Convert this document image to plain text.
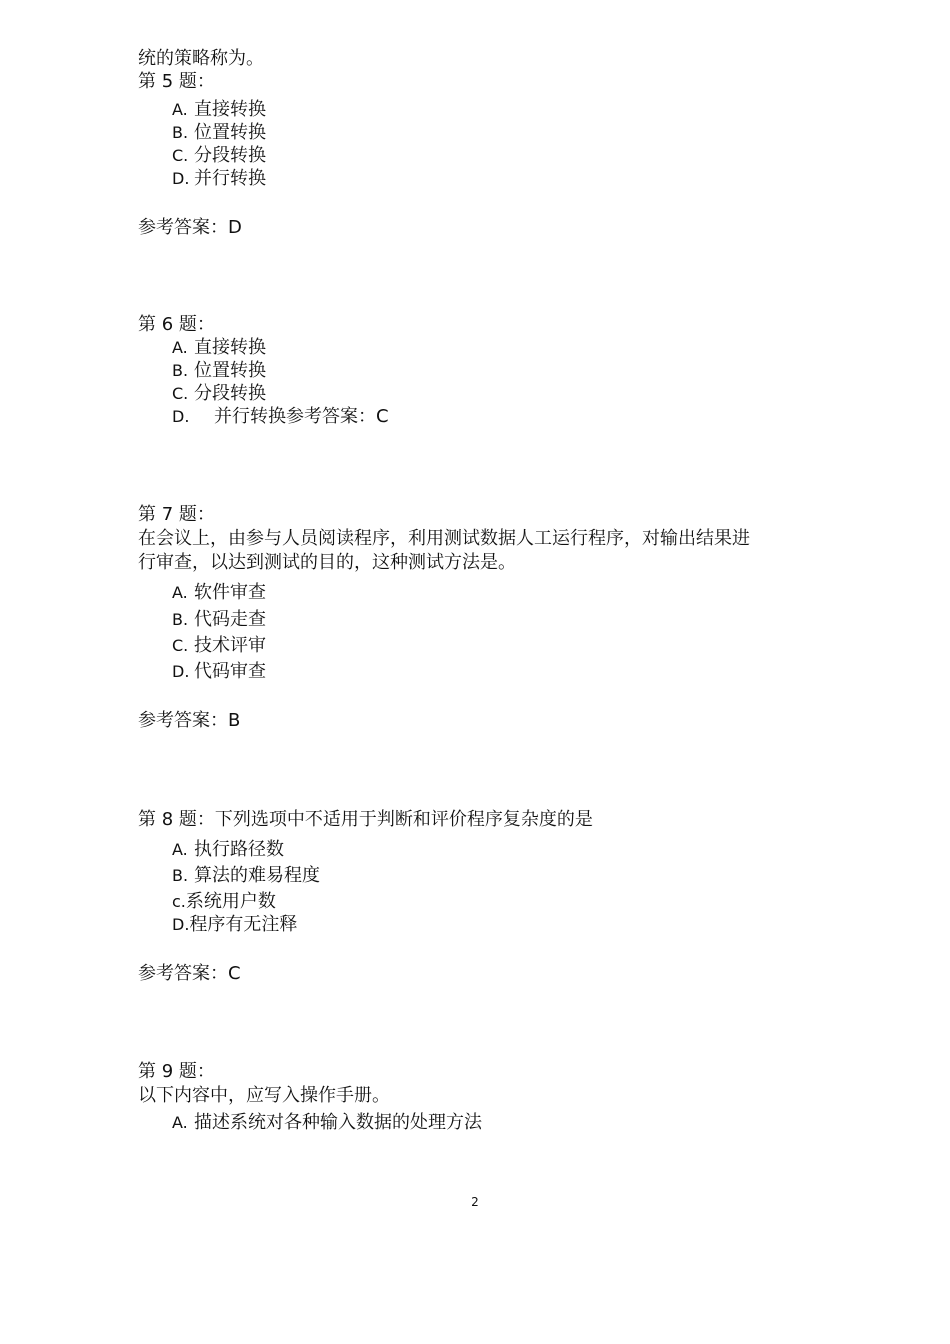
统的策略称为。
第 5 题：
A. 直接转换
B. 位置转换
C. 分段转换
D. 并行转换
参考答案：D
第 6 题：
A. 直接转换
B. 位置转换
C. 分段转换
D. 并行转换参考答案：C
第 7 题：
在会议上，由参与人员阅读程序，利用测试数据人工运行程序，对输出结果进
行审查，以达到测试的目的，这种测试方法是。
A. 软件审查
B. 代码走查
C. 技术评审
D. 代码审查
参考答案：B
第 8 题：下列选项中不适用于判断和评价程序复杂度的是
A. 执行路径数
B. 算法的难易程度
c.系统用户数
D.程序有无注释
参考答案：C
第 9 题：
以下内容中，应写入操作手册。
A. 描述系统对各种输入数据的处理方法
2
